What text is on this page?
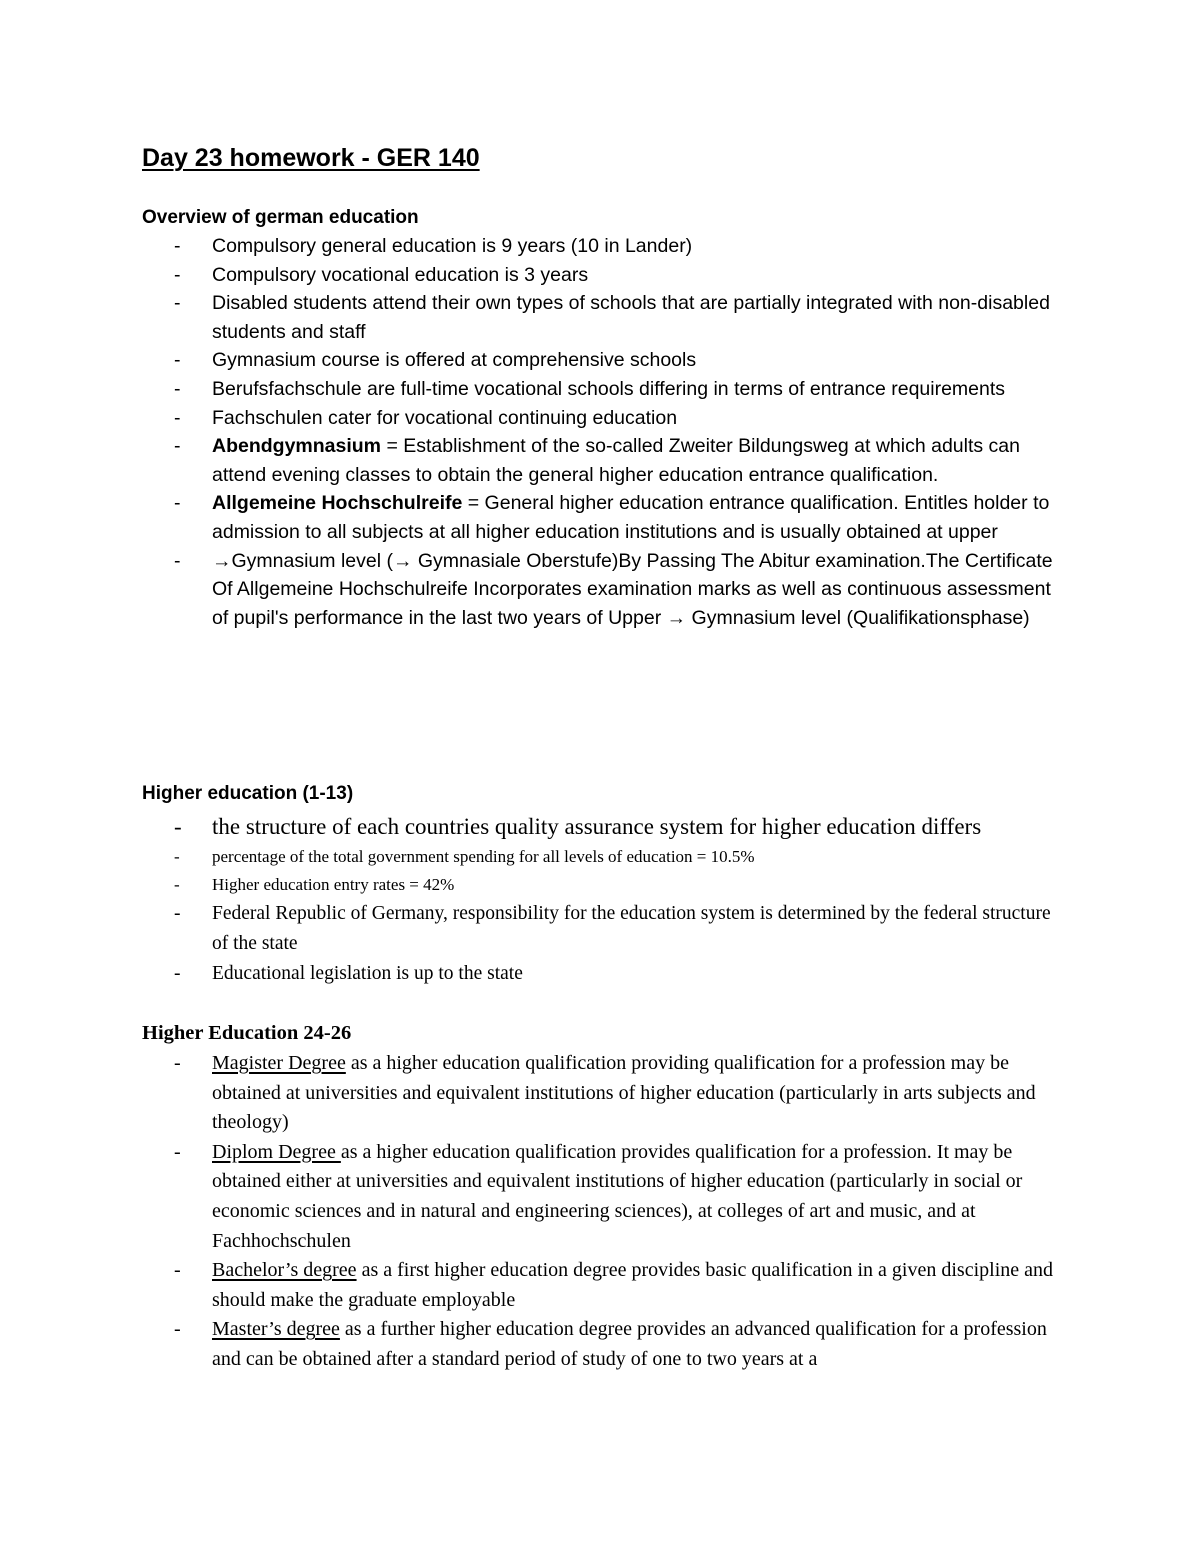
Day 23 homework - GER 140
Overview of german education
- Compulsory general education is 9 years (10 in Lander)
- Compulsory vocational education is 3 years
- Disabled students attend their own types of schools that are partially integrated with non-disabled students and staff
- Gymnasium course is offered at comprehensive schools
- Berufsfachschule are full-time vocational schools differing in terms of entrance requirements
- Fachschulen cater for vocational continuing education
- Abendgymnasium = Establishment of the so-called Zweiter Bildungsweg at which adults can attend evening classes to obtain the general higher education entrance qualification.
- Allgemeine Hochschulreife = General higher education entrance qualification. Entitles holder to admission to all subjects at all higher education institutions and is usually obtained at upper
- →Gymnasium level (→ Gymnasiale Oberstufe)By Passing The Abitur examination.The Certificate Of Allgemeine Hochschulreife Incorporates examination marks as well as continuous assessment of pupil's performance in the last two years of Upper → Gymnasium level (Qualifikationsphase)
Higher education (1-13)
- the structure of each countries quality assurance system for higher education differs
- percentage of the total government spending for all levels of education = 10.5%
- Higher education entry rates = 42%
- Federal Republic of Germany, responsibility for the education system is determined by the federal structure of the state
- Educational legislation is up to the state
Higher Education 24-26
- Magister Degree as a higher education qualification providing qualification for a profession may be obtained at universities and equivalent institutions of higher education (particularly in arts subjects and theology)
- Diplom Degree as a higher education qualification provides qualification for a profession. It may be obtained either at universities and equivalent institutions of higher education (particularly in social or economic sciences and in natural and engineering sciences), at colleges of art and music, and at Fachhochschulen
- Bachelor’s degree as a first higher education degree provides basic qualification in a given discipline and should make the graduate employable
- Master’s degree as a further higher education degree provides an advanced qualification for a profession and can be obtained after a standard period of study of one to two years at a
